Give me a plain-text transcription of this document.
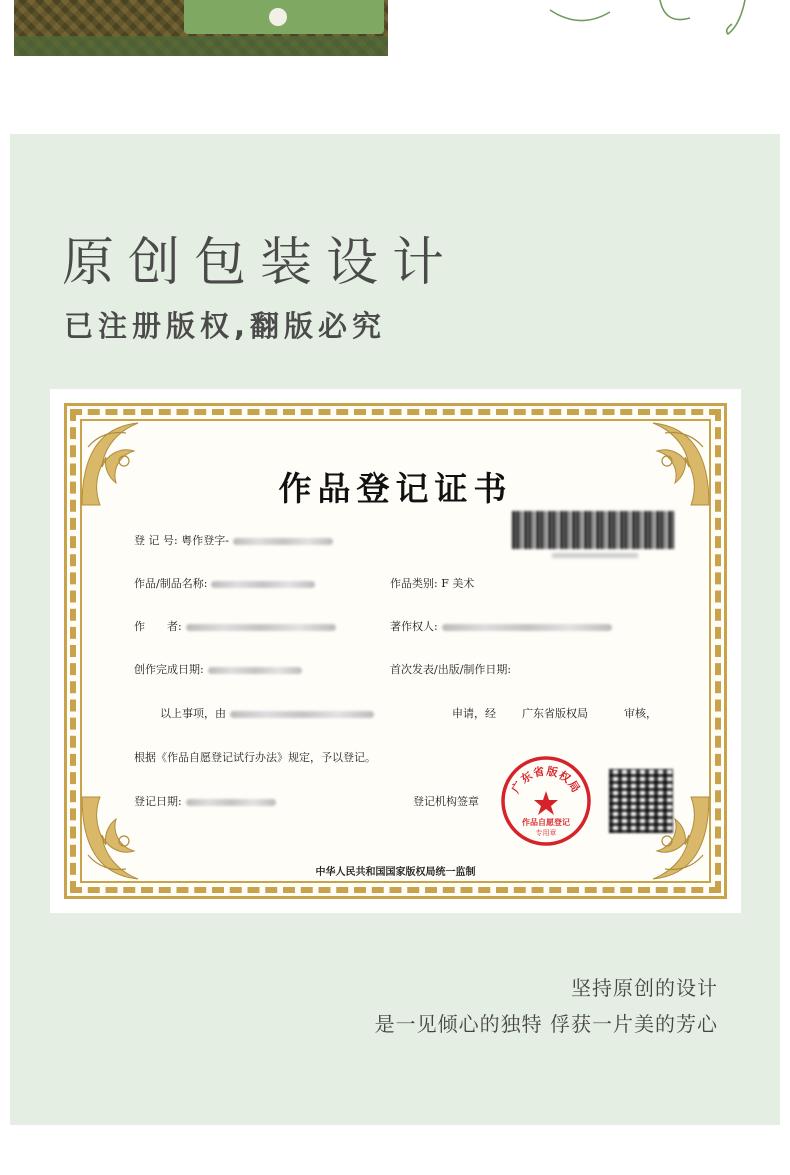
原创包装设计
已注册版权,翻版必究
作品登记证书
登 记 号: 粤作登字-
作品/制品名称:	作品类别: F 美术
作　　者:	著作权人:
创作完成日期:	首次发表/出版/制作日期:
以上事项，由	申请，经 广东省版权局	审核，
根据《作品自愿登记试行办法》规定，予以登记。
登记日期:	登记机构签章
广东省版权局
作品自愿登记
专用章
中华人民共和国国家版权局统一监制
坚持原创的设计
是一见倾心的独特 俘获一片美的芳心
